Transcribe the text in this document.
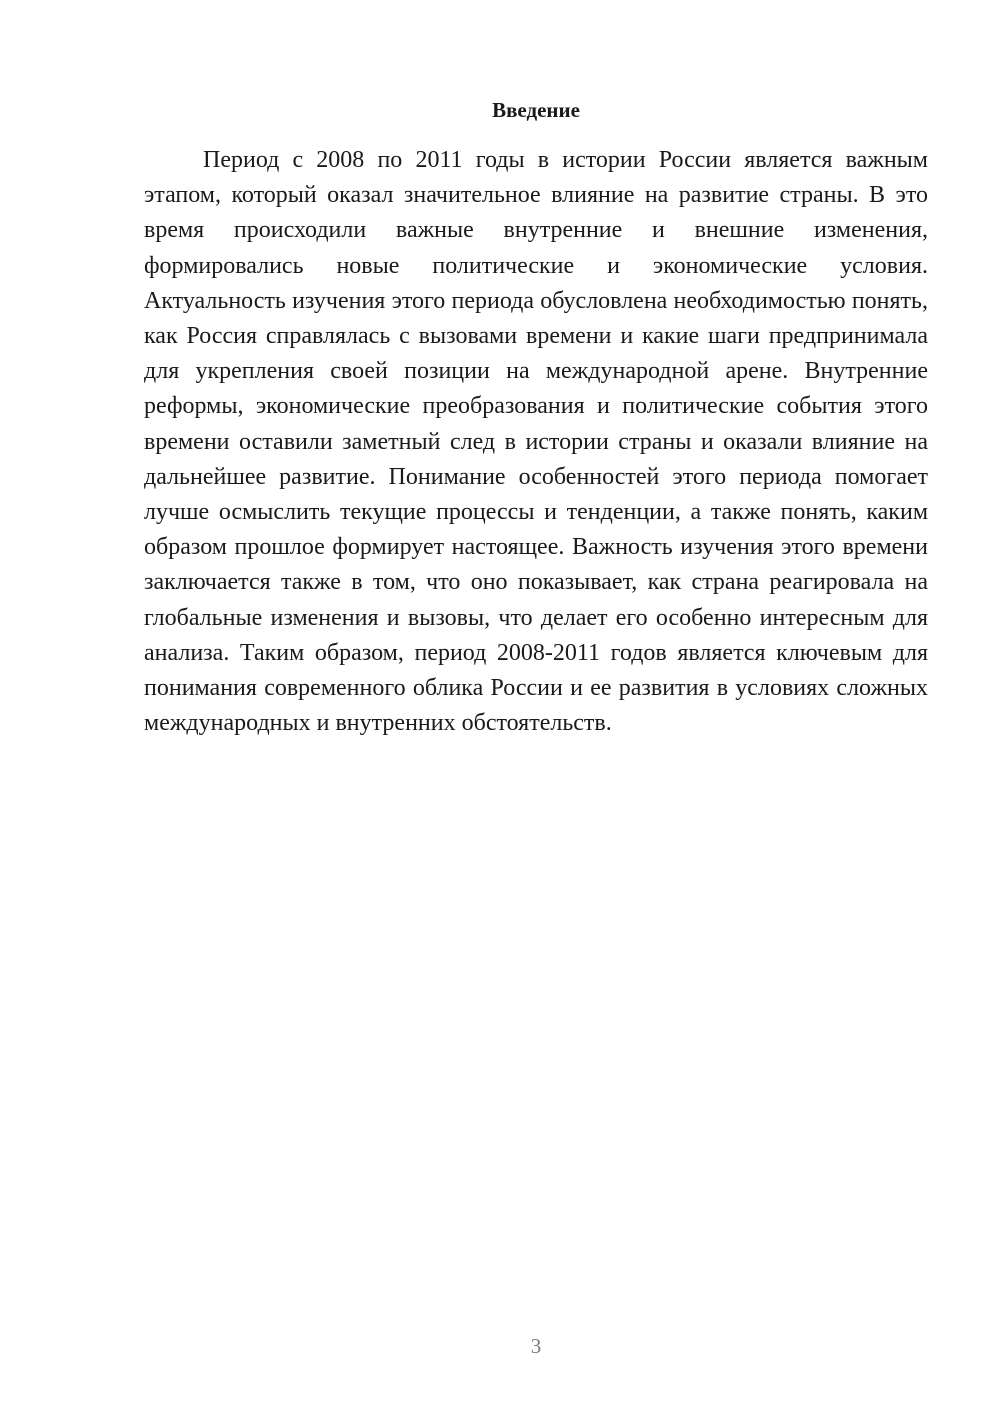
Введение

Период с 2008 по 2011 годы в истории России является важным этапом, который оказал значительное влияние на развитие страны. В это время происходили важные внутренние и внешние изменения, формировались новые политические и экономические условия. Актуальность изучения этого периода обусловлена необходимостью понять, как Россия справлялась с вызовами времени и какие шаги предпринимала для укрепления своей позиции на международной арене. Внутренние реформы, экономические преобразования и политические события этого времени оставили заметный след в истории страны и оказали влияние на дальнейшее развитие. Понимание особенностей этого периода помогает лучше осмыслить текущие процессы и тенденции, а также понять, каким образом прошлое формирует настоящее. Важность изучения этого времени заключается также в том, что оно показывает, как страна реагировала на глобальные изменения и вызовы, что делает его особенно интересным для анализа. Таким образом, период 2008-2011 годов является ключевым для понимания современного облика России и ее развития в условиях сложных международных и внутренних обстоятельств.

3
